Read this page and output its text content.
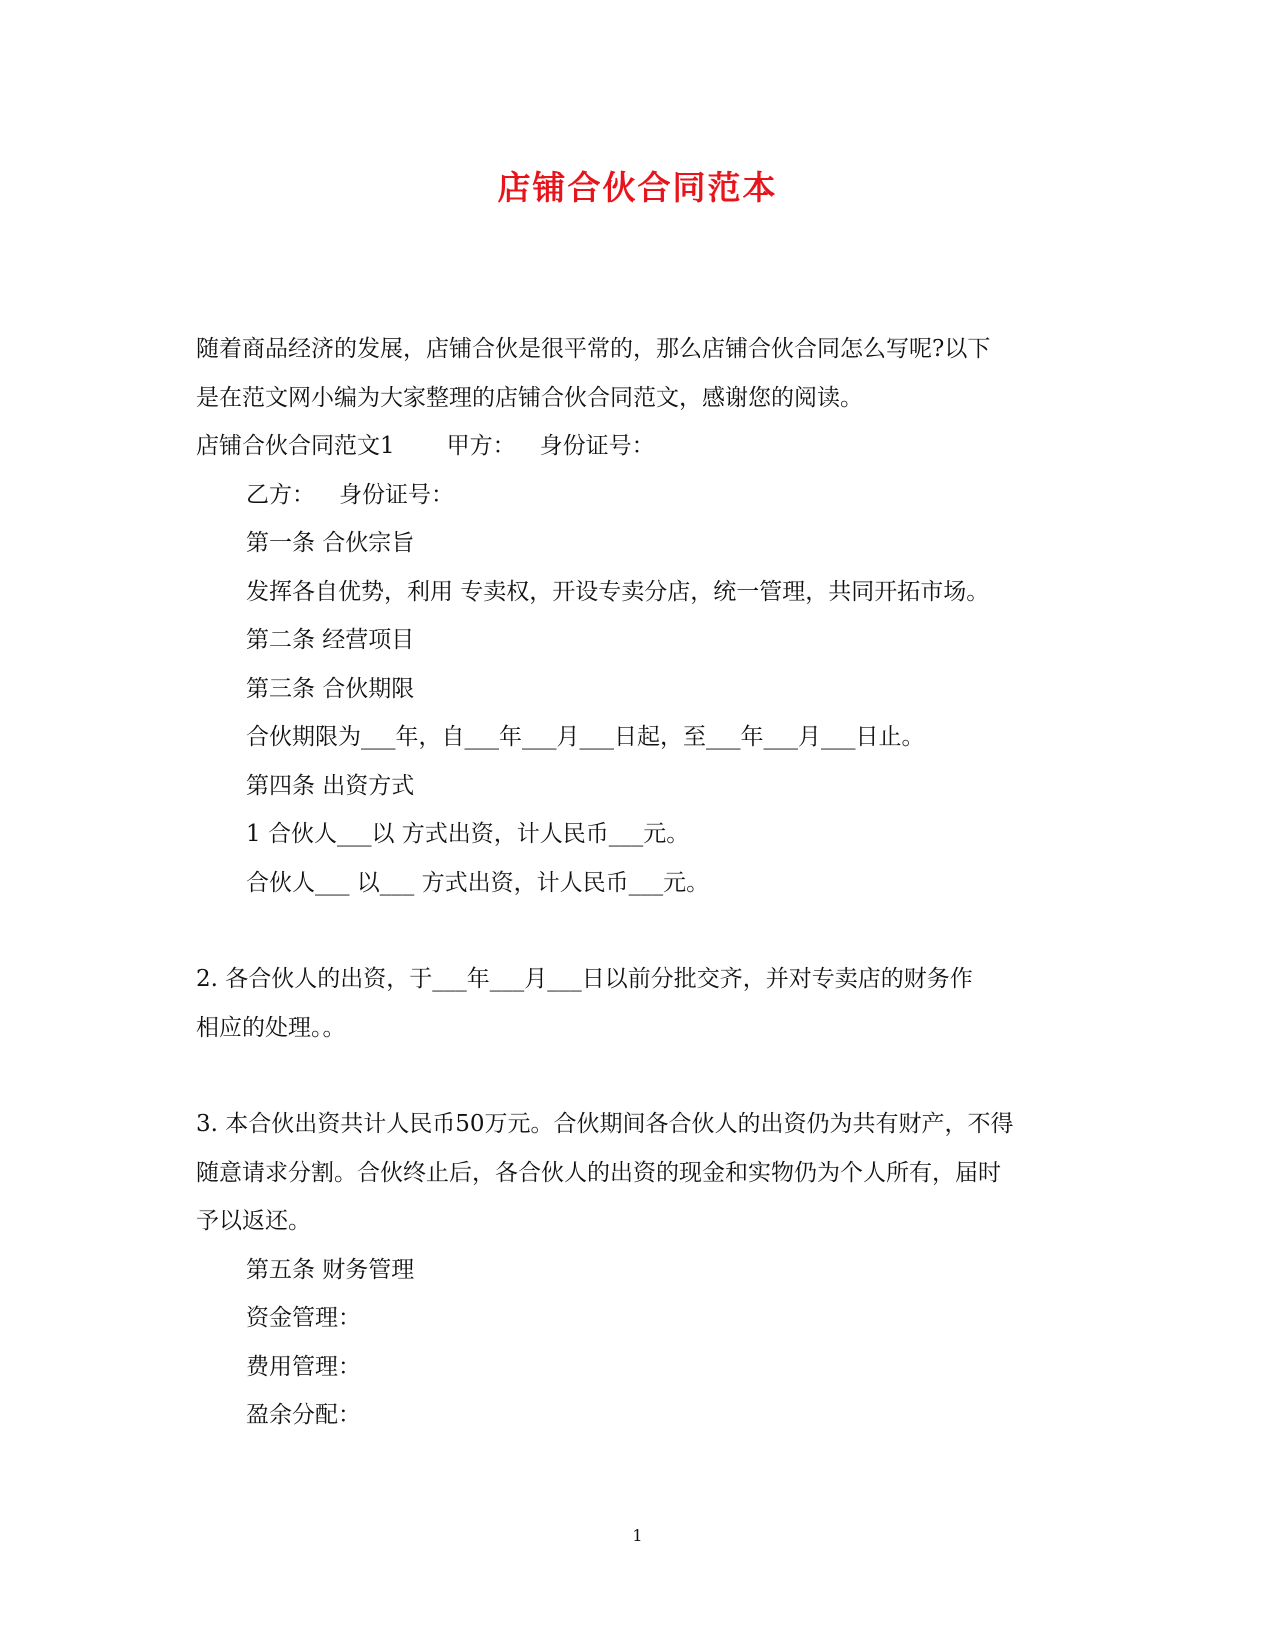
店铺合伙合同范本

随着商品经济的发展，店铺合伙是很平常的，那么店铺合伙合同怎么写呢?以下

是在范文网小编为大家整理的店铺合伙合同范文，感谢您的阅读。

店铺合伙合同范文1 甲方： 身份证号：

乙方： 身份证号：

第一条 合伙宗旨

发挥各自优势，利用 专卖权，开设专卖分店，统一管理，共同开拓市场。

第二条 经营项目

第三条 合伙期限

合伙期限为___年，自___年___月___日起，至___年___月___日止。

第四条 出资方式

1 合伙人___以 方式出资，计人民币___元。

合伙人___ 以___ 方式出资，计人民币___元。

2. 各合伙人的出资，于___年___月___日以前分批交齐，并对专卖店的财务作

相应的处理。。

3. 本合伙出资共计人民币50万元。合伙期间各合伙人的出资仍为共有财产，不得

随意请求分割。合伙终止后，各合伙人的出资的现金和实物仍为个人所有，届时

予以返还。

第五条 财务管理

资金管理：

费用管理：

盈余分配：

1
